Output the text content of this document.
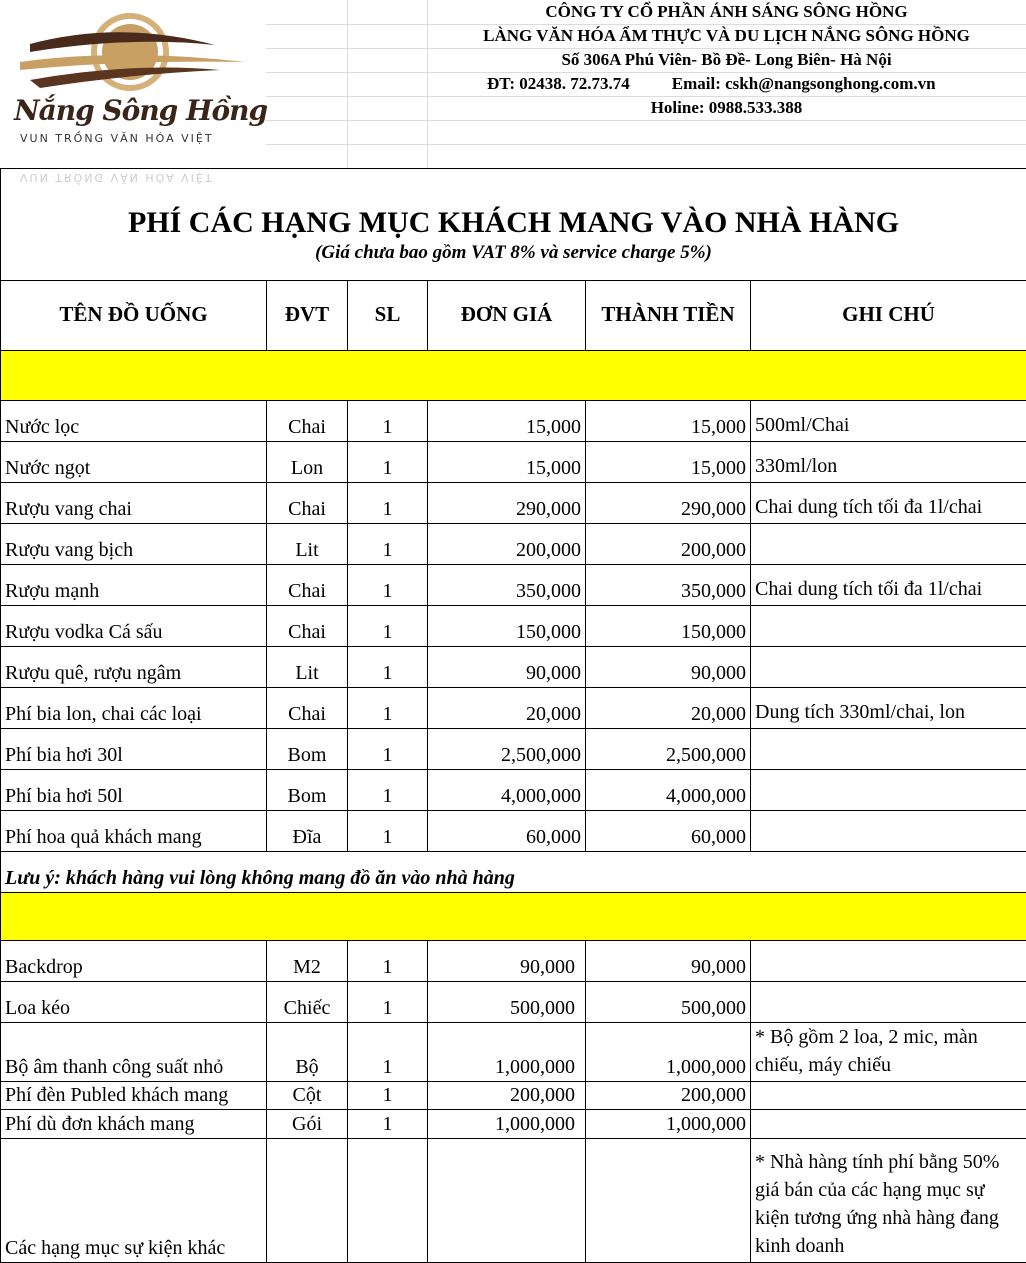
Nắng Sông Hồng
VUN TRỒNG VĂN HÓA VIỆT
CÔNG TY CỔ PHẦN ÁNH SÁNG SÔNG HỒNG
LÀNG VĂN HÓA ẨM THỰC VÀ DU LỊCH NẮNG SÔNG HỒNG
Số 306A Phú Viên- Bồ Đề- Long Biên- Hà Nội
ĐT: 02438. 72.73.74 Email: cskh@nangsonghong.com.vn
Holine: 0988.533.388
PHÍ CÁC HẠNG MỤC KHÁCH MANG VÀO NHÀ HÀNG
(Giá chưa bao gồm VAT 8% và service charge 5%)					

TÊN ĐỒ UỐNG	ĐVT	SL	ĐƠN GIÁ	THÀNH TIỀN	GHI CHÚ

Nước lọc	Chai	1	15,000	15,000	500ml/Chai
Nước ngọt	Lon	1	15,000	15,000	330ml/lon
Rượu vang chai	Chai	1	290,000	290,000	Chai dung tích tối đa 1l/chai
Rượu vang bịch	Lit	1	200,000	200,000	
Rượu mạnh	Chai	1	350,000	350,000	Chai dung tích tối đa 1l/chai
Rượu vodka Cá sấu	Chai	1	150,000	150,000	
Rượu quê, rượu ngâm	Lit	1	90,000	90,000	
Phí bia lon, chai các loại	Chai	1	20,000	20,000	Dung tích 330ml/chai, lon
Phí bia hơi 30l	Bom	1	2,500,000	2,500,000	
Phí bia hơi 50l	Bom	1	4,000,000	4,000,000	
Phí hoa quả khách mang	Đĩa	1	60,000	60,000	
Lưu ý: khách hàng vui lòng không mang đồ ăn vào nhà hàng					

Backdrop	M2	1	90,000	90,000	
Loa kéo	Chiếc	1	500,000	500,000	
Bộ âm thanh công suất nhỏ	Bộ	1	1,000,000	1,000,000	* Bộ gồm 2 loa, 2 mic, màn chiếu, máy chiếu
Phí đèn Publed khách mang	Cột	1	200,000	200,000	
Phí dù đơn khách mang	Gói	1	1,000,000	1,000,000	
Các hạng mục sự kiện khác					* Nhà hàng tính phí bằng 50% giá bán của các hạng mục sự kiện tương ứng nhà hàng đang kinh doanh
VUN TRỒNG VĂN HÓA VIỆT
